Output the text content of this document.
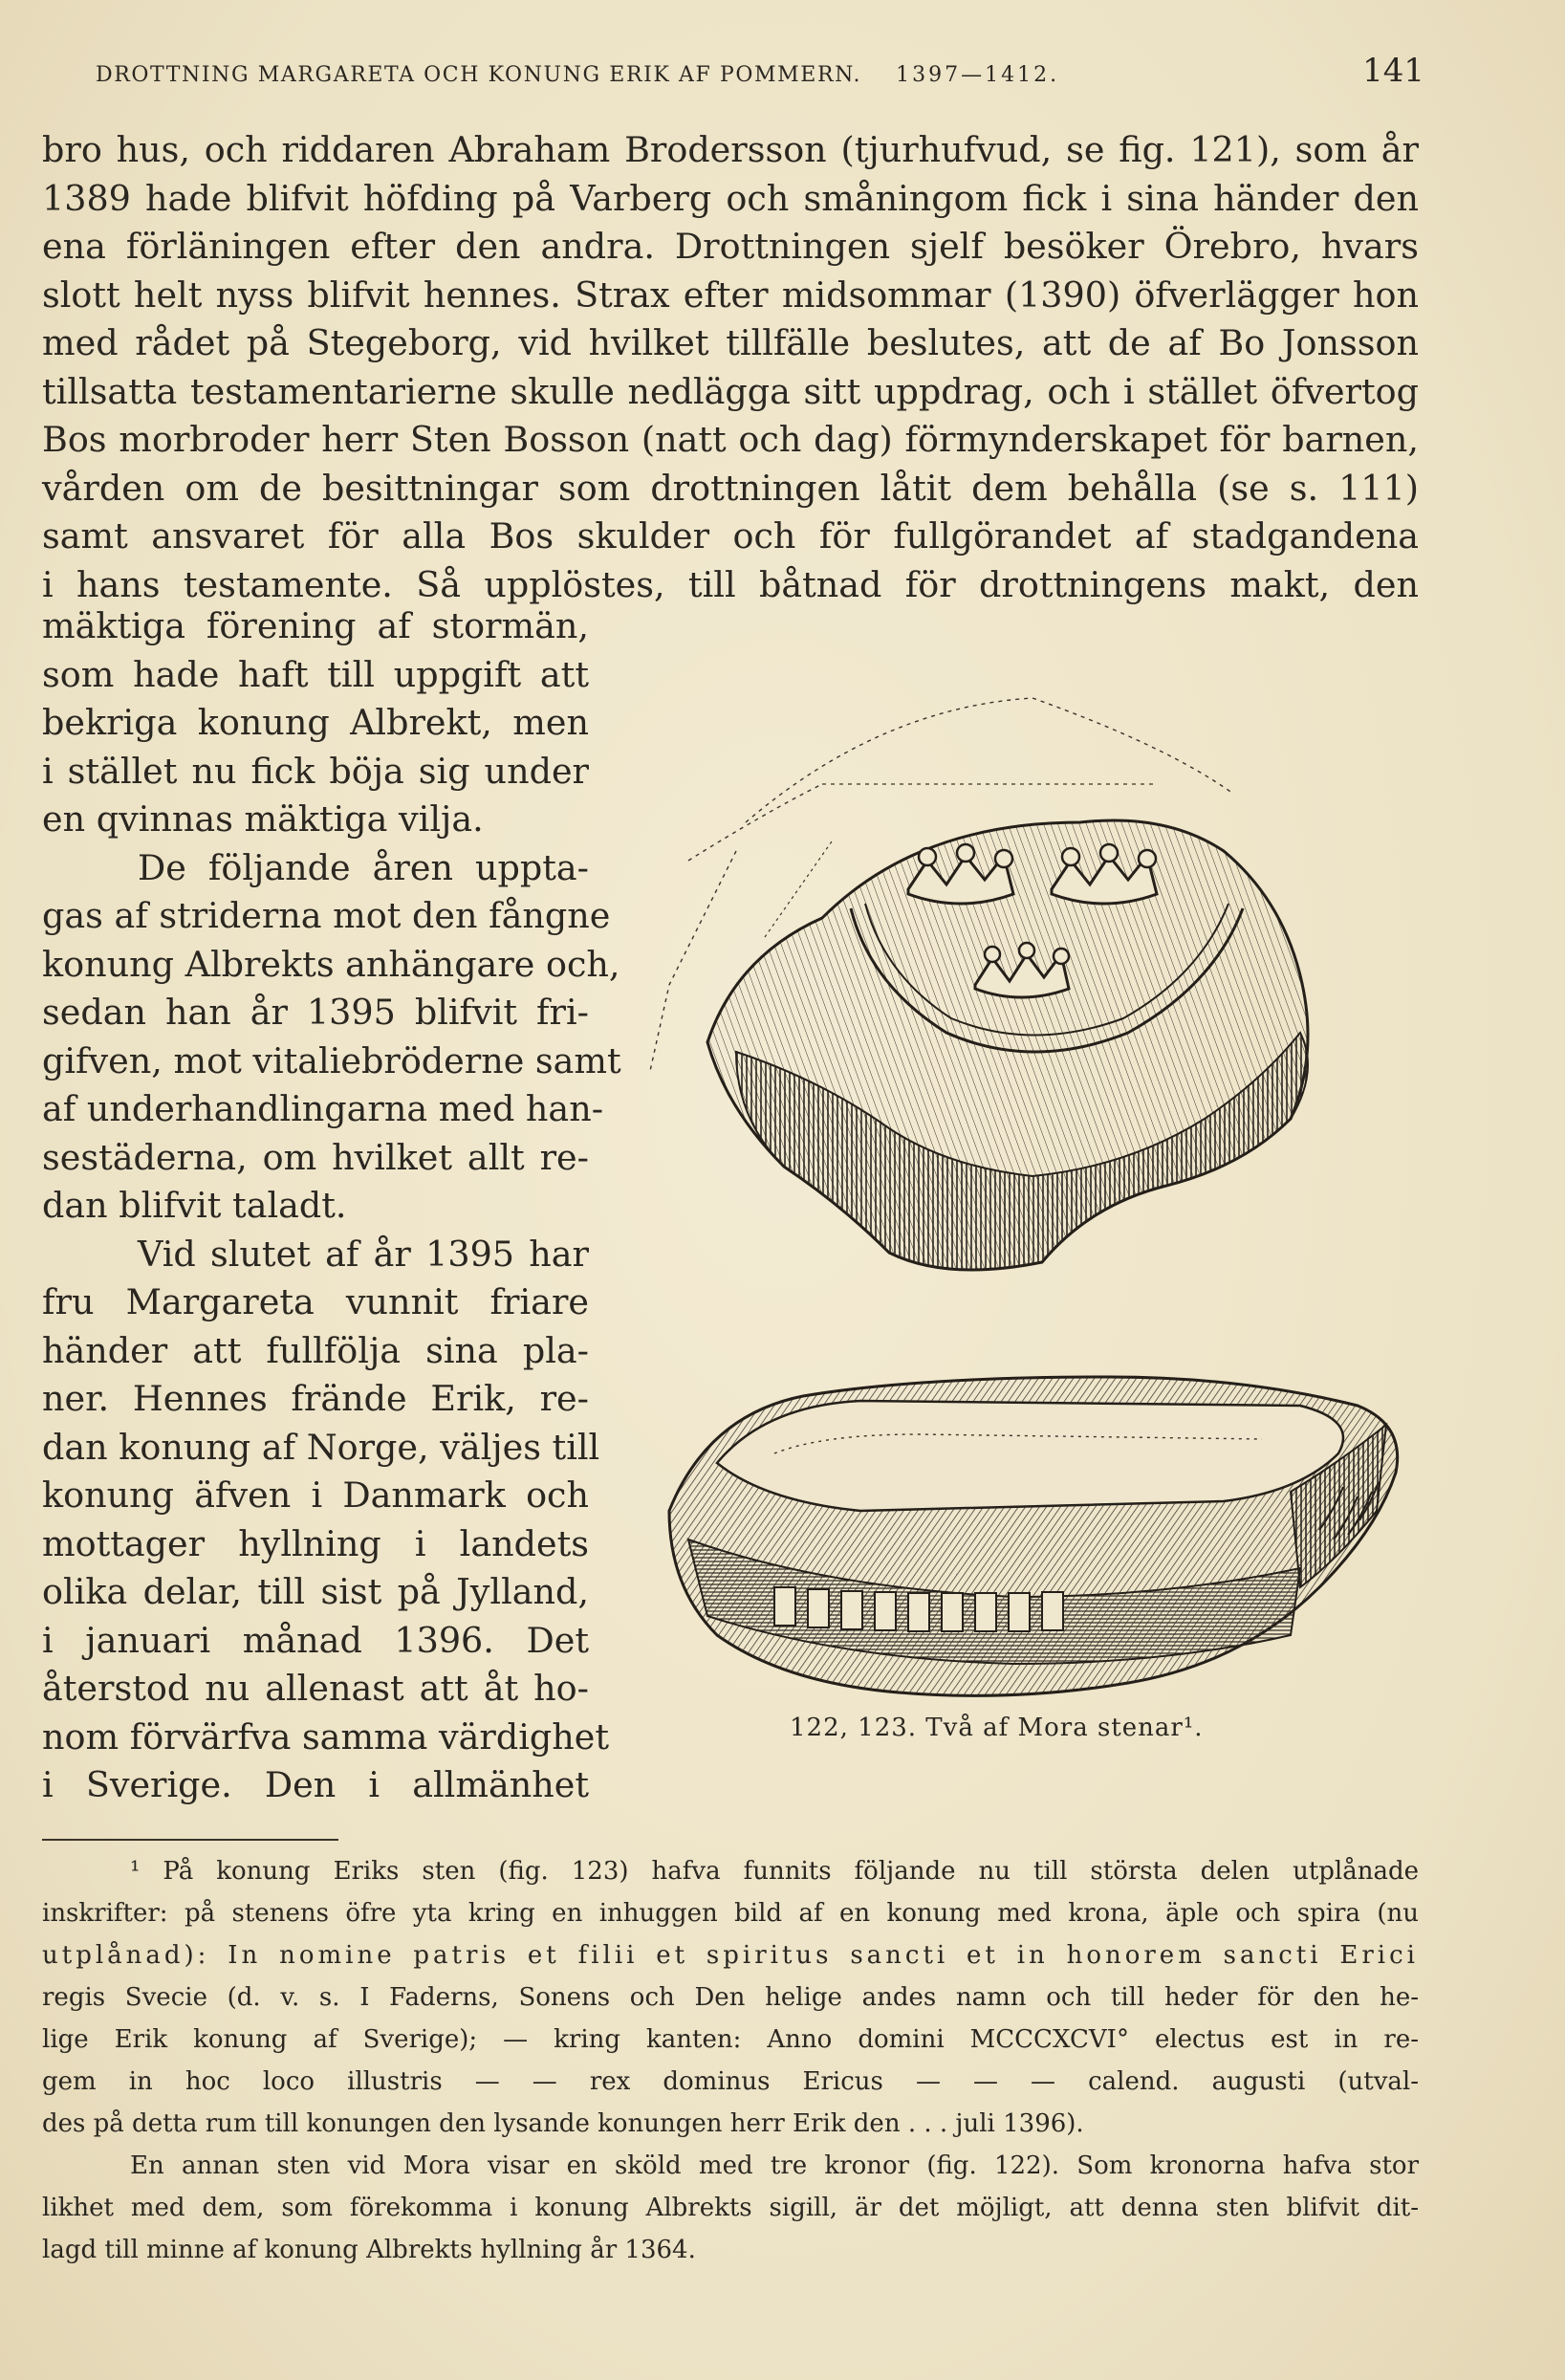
DROTTNING MARGARETA OCH KONUNG ERIK AF POMMERN. 1397—1412.	141
bro hus, och riddaren Abraham Brodersson (tjurhufvud, se fig. 121), som år
1389 hade blifvit höfding på Varberg och småningom fick i sina händer den
ena förläningen efter den andra. Drottningen sjelf besöker Örebro, hvars
slott helt nyss blifvit hennes. Strax efter midsommar (1390) öfverlägger hon
med rådet på Stegeborg, vid hvilket tillfälle beslutes, att de af Bo Jonsson
tillsatta testamentarierne skulle nedlägga sitt uppdrag, och i stället öfvertog
Bos morbroder herr Sten Bosson (natt och dag) förmynderskapet för barnen,
vården om de besittningar som drottningen låtit dem behålla (se s. 111)
samt ansvaret för alla Bos skulder och för fullgörandet af stadgandena
i hans testamente. Så upplöstes, till båtnad för drottningens makt, den
mäktiga förening af stormän,
som hade haft till uppgift att
bekriga konung Albrekt, men
i stället nu fick böja sig under
en qvinnas mäktiga vilja.
De följande åren uppta-
gas af striderna mot den fångne
konung Albrekts anhängare och,
sedan han år 1395 blifvit fri-
gifven, mot vitaliebröderne samt
af underhandlingarna med han-
sestäderna, om hvilket allt re-
dan blifvit taladt.
Vid slutet af år 1395 har
fru Margareta vunnit friare
händer att fullfölja sina pla-
ner. Hennes frände Erik, re-
dan konung af Norge, väljes till
konung äfven i Danmark och
mottager hyllning i landets
olika delar, till sist på Jylland,
i januari månad 1396. Det
återstod nu allenast att åt ho-
nom förvärfva samma värdighet
i Sverige. Den i allmänhet
122, 123. Två af Mora stenar¹.
¹ På konung Eriks sten (fig. 123) hafva funnits följande nu till största delen utplånade
inskrifter: på stenens öfre yta kring en inhuggen bild af en konung med krona, äple och spira (nu
utplånad): In nomine patris et filii et spiritus sancti et in honorem sancti Erici
regis Svecie (d. v. s. I Faderns, Sonens och Den helige andes namn och till heder för den he-
lige Erik konung af Sverige); — kring kanten: Anno domini MCCCXCVI° electus est in re-
gem in hoc loco illustris — — rex dominus Ericus — — — calend. augusti (utval-
des på detta rum till konungen den lysande konungen herr Erik den . . . juli 1396).
En annan sten vid Mora visar en sköld med tre kronor (fig. 122). Som kronorna hafva stor
likhet med dem, som förekomma i konung Albrekts sigill, är det möjligt, att denna sten blifvit dit-
lagd till minne af konung Albrekts hyllning år 1364.
